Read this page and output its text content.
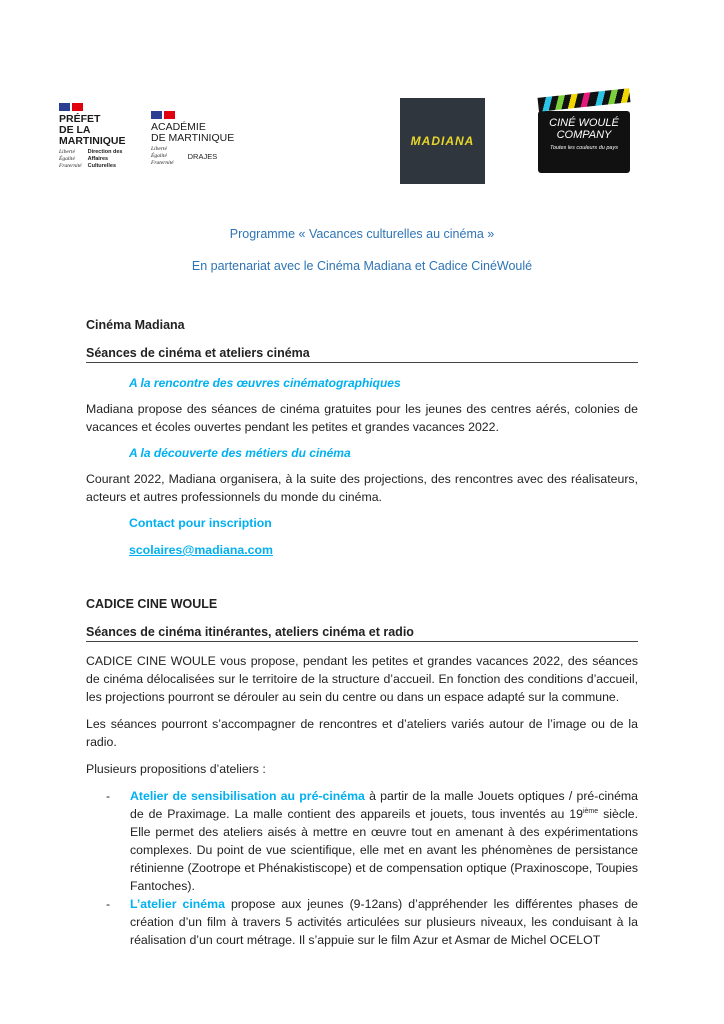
PRÉFET
DE LA
MARTINIQUE
Liberté
Égalité
Fraternité
Direction des
Affaires
Culturelles
ACADÉMIE
DE MARTINIQUE
Liberté
Égalité
Fraternité
DRAJES
MADIANA
CINÉ WOULÉ
COMPANY
Toutes les couleurs du pays
Programme « Vacances culturelles au cinéma »
En partenariat avec le Cinéma Madiana et Cadice CinéWoulé
Cinéma Madiana
Séances de cinéma et ateliers cinéma
A la rencontre des œuvres cinématographiques
Madiana propose des séances de cinéma gratuites pour les jeunes des centres aérés, colonies de vacances et écoles ouvertes pendant les petites et grandes vacances 2022.
A la découverte des métiers du cinéma
Courant 2022, Madiana organisera, à la suite des projections, des rencontres avec des réalisateurs, acteurs et autres professionnels du monde du cinéma.
Contact pour inscription
scolaires@madiana.com
CADICE CINE WOULE
Séances de cinéma itinérantes, ateliers cinéma et radio
CADICE CINE WOULE vous propose, pendant les petites et grandes vacances 2022, des séances de cinéma délocalisées sur le territoire de la structure d’accueil. En fonction des conditions d’accueil, les projections pourront se dérouler au sein du centre ou dans un espace adapté sur la commune.
Les séances pourront s’accompagner de rencontres et d’ateliers variés autour de l’image ou de la radio.
Plusieurs propositions d’ateliers :
- Atelier de sensibilisation au pré-cinéma à partir de la malle Jouets optiques / pré-cinéma de de Praximage. La malle contient des appareils et jouets, tous inventés au 19ième siècle. Elle permet des ateliers aisés à mettre en œuvre tout en amenant à des expérimentations complexes. Du point de vue scientifique, elle met en avant les phénomènes de persistance rétinienne (Zootrope et Phénakistiscope) et de compensation optique (Praxinoscope, Toupies Fantoches).
- L’atelier cinéma propose aux jeunes (9-12ans) d’appréhender les différentes phases de création d’un film à travers 5 activités articulées sur plusieurs niveaux, les conduisant à la réalisation d’un court métrage. Il s’appuie sur le film Azur et Asmar de Michel OCELOT
